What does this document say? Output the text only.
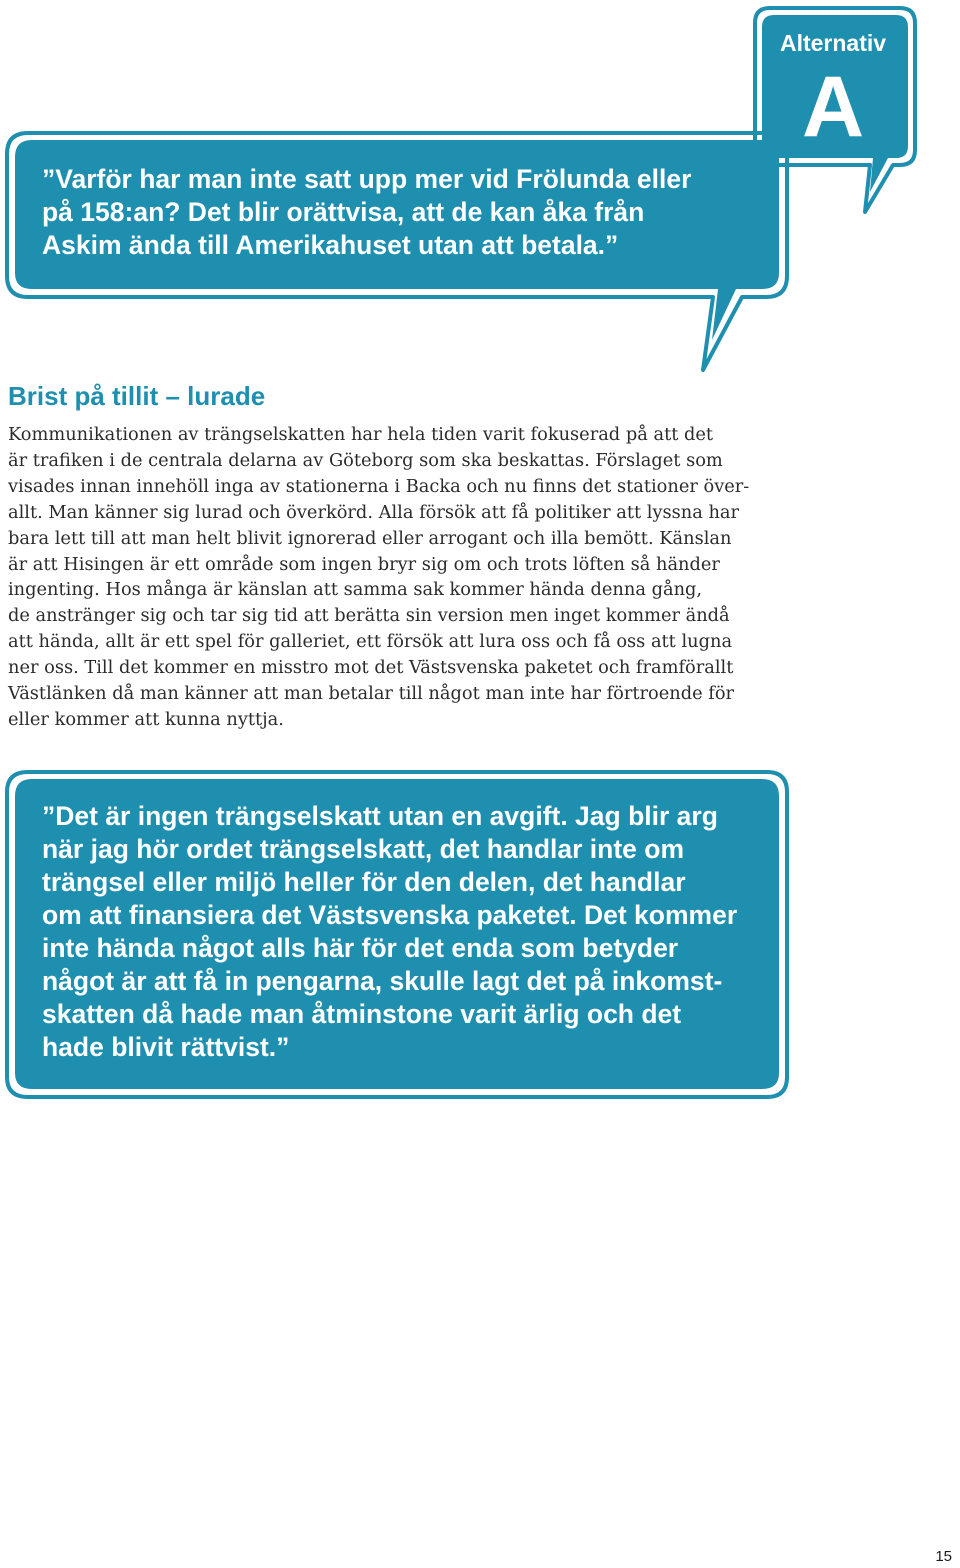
Alternativ
A

”Varför har man inte satt upp mer vid Frölunda eller
på 158:an? Det blir orättvisa, att de kan åka från
Askim ända till Amerikahuset utan att betala.”

Brist på tillit – lurade

Kommunikationen av trängselskatten har hela tiden varit fokuserad på att det
är trafiken i de centrala delarna av Göteborg som ska beskattas. Förslaget som
visades innan innehöll inga av stationerna i Backa och nu finns det stationer över-
allt. Man känner sig lurad och överkörd. Alla försök att få politiker att lyssna har
bara lett till att man helt blivit ignorerad eller arrogant och illa bemött. Känslan
är att Hisingen är ett område som ingen bryr sig om och trots löften så händer
ingenting. Hos många är känslan att samma sak kommer hända denna gång,
de anstränger sig och tar sig tid att berätta sin version men inget kommer ändå
att hända, allt är ett spel för galleriet, ett försök att lura oss och få oss att lugna
ner oss. Till det kommer en misstro mot det Västsvenska paketet och framförallt
Västlänken då man känner att man betalar till något man inte har förtroende för
eller kommer att kunna nyttja.

”Det är ingen trängselskatt utan en avgift. Jag blir arg
när jag hör ordet trängselskatt, det handlar inte om
trängsel eller miljö heller för den delen, det handlar
om att finansiera det Västsvenska paketet. Det kommer
inte hända något alls här för det enda som betyder
något är att få in pengarna, skulle lagt det på inkomst-
skatten då hade man åtminstone varit ärlig och det
hade blivit rättvist.”

15
